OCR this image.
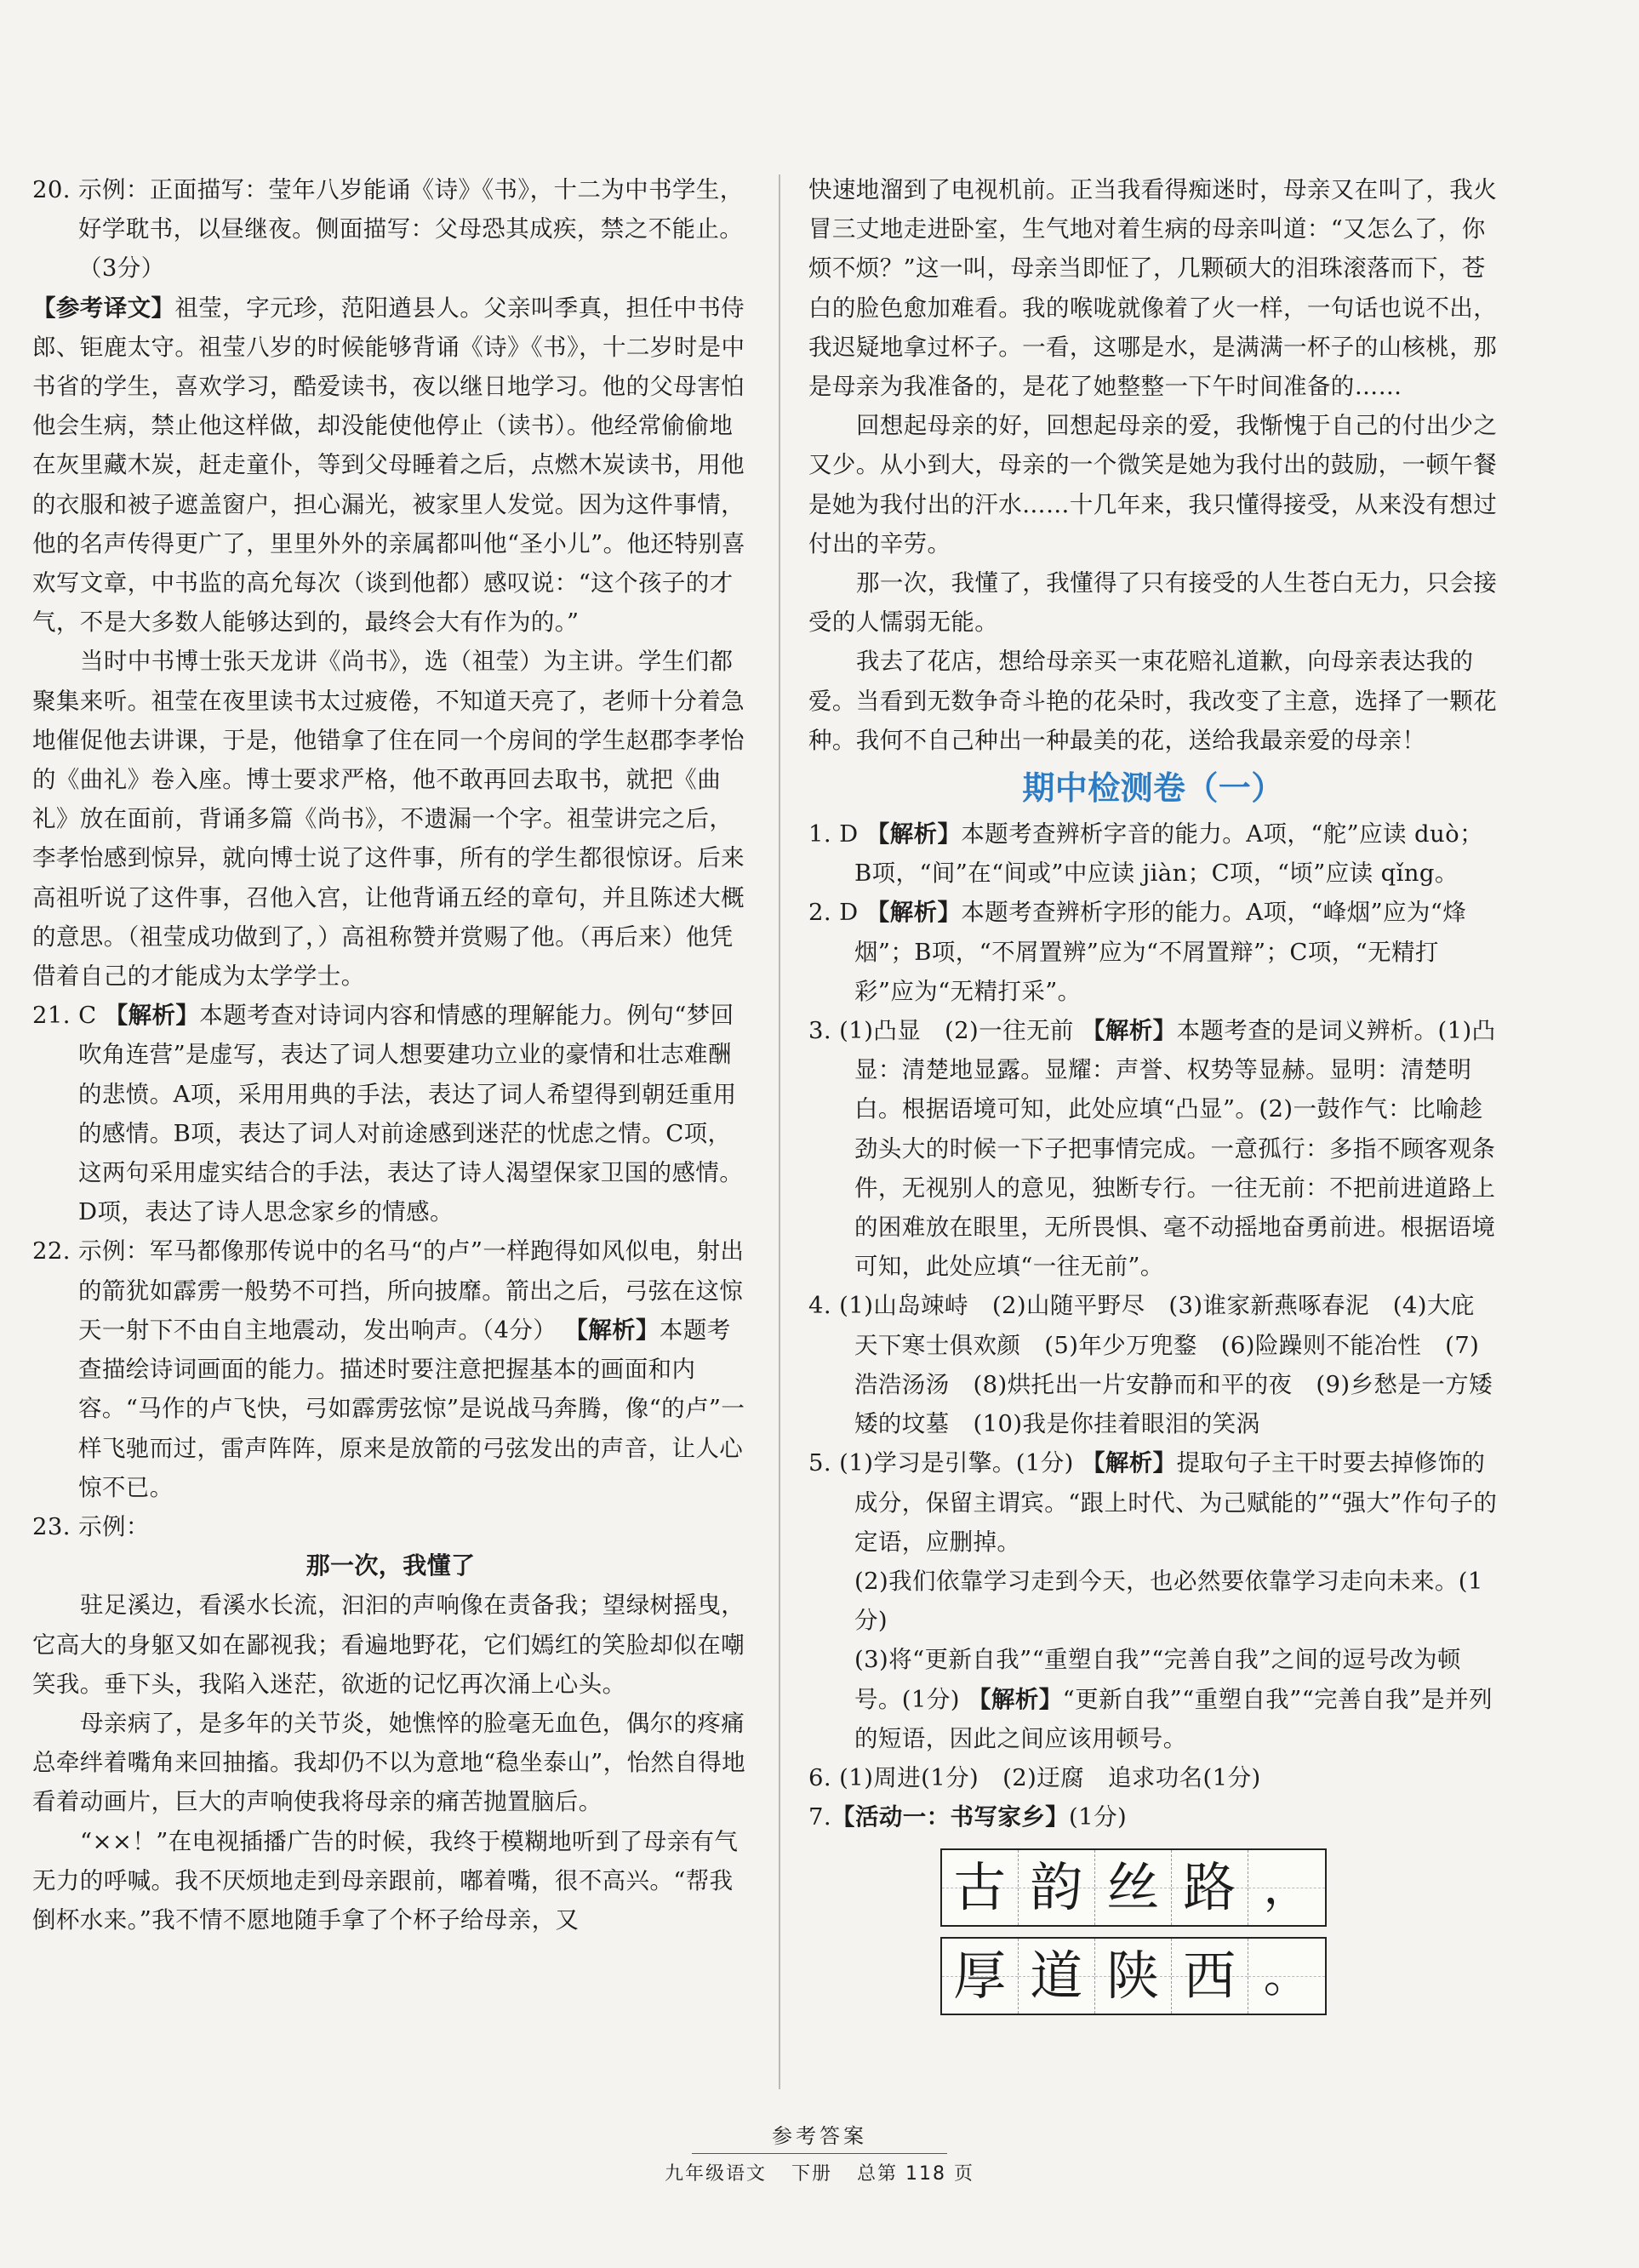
20. 示例：正面描写：莹年八岁能诵《诗》《书》，十二为中书学生，好学耽书，以昼继夜。侧面描写：父母恐其成疾，禁之不能止。（3分）

【参考译文】祖莹，字元珍，范阳遒县人。父亲叫季真，担任中书侍郎、钜鹿太守。祖莹八岁的时候能够背诵《诗》《书》，十二岁时是中书省的学生，喜欢学习，酷爱读书，夜以继日地学习。他的父母害怕他会生病，禁止他这样做，却没能使他停止（读书）。他经常偷偷地在灰里藏木炭，赶走童仆，等到父母睡着之后，点燃木炭读书，用他的衣服和被子遮盖窗户，担心漏光，被家里人发觉。因为这件事情，他的名声传得更广了，里里外外的亲属都叫他“圣小儿”。他还特别喜欢写文章，中书监的高允每次（谈到他都）感叹说：“这个孩子的才气，不是大多数人能够达到的，最终会大有作为的。”

当时中书博士张天龙讲《尚书》，选（祖莹）为主讲。学生们都聚集来听。祖莹在夜里读书太过疲倦，不知道天亮了，老师十分着急地催促他去讲课，于是，他错拿了住在同一个房间的学生赵郡李孝怡的《曲礼》卷入座。博士要求严格，他不敢再回去取书，就把《曲礼》放在面前，背诵多篇《尚书》，不遗漏一个字。祖莹讲完之后，李孝怡感到惊异，就向博士说了这件事，所有的学生都很惊讶。后来高祖听说了这件事，召他入宫，让他背诵五经的章句，并且陈述大概的意思。（祖莹成功做到了，）高祖称赞并赏赐了他。（再后来）他凭借着自己的才能成为太学学士。

21. C 【解析】本题考查对诗词内容和情感的理解能力。例句“梦回吹角连营”是虚写，表达了词人想要建功立业的豪情和壮志难酬的悲愤。A项，采用用典的手法，表达了词人希望得到朝廷重用的感情。B项，表达了词人对前途感到迷茫的忧虑之情。C项，这两句采用虚实结合的手法，表达了诗人渴望保家卫国的感情。D项，表达了诗人思念家乡的情感。

22. 示例：军马都像那传说中的名马“的卢”一样跑得如风似电，射出的箭犹如霹雳一般势不可挡，所向披靡。箭出之后，弓弦在这惊天一射下不由自主地震动，发出响声。（4分） 【解析】本题考查描绘诗词画面的能力。描述时要注意把握基本的画面和内容。“马作的卢飞快，弓如霹雳弦惊”是说战马奔腾，像“的卢”一样飞驰而过，雷声阵阵，原来是放箭的弓弦发出的声音，让人心惊不已。

23. 示例：

那一次，我懂了

驻足溪边，看溪水长流，汩汩的声响像在责备我；望绿树摇曳，它高大的身躯又如在鄙视我；看遍地野花，它们嫣红的笑脸却似在嘲笑我。垂下头，我陷入迷茫，欲逝的记忆再次涌上心头。

母亲病了，是多年的关节炎，她憔悴的脸毫无血色，偶尔的疼痛总牵绊着嘴角来回抽搐。我却仍不以为意地“稳坐泰山”，怡然自得地看着动画片，巨大的声响使我将母亲的痛苦抛置脑后。

“××！”在电视插播广告的时候，我终于模糊地听到了母亲有气无力的呼喊。我不厌烦地走到母亲跟前，嘟着嘴，很不高兴。“帮我倒杯水来。”我不情不愿地随手拿了个杯子给母亲，又

快速地溜到了电视机前。正当我看得痴迷时，母亲又在叫了，我火冒三丈地走进卧室，生气地对着生病的母亲叫道：“又怎么了，你烦不烦？”这一叫，母亲当即怔了，几颗硕大的泪珠滚落而下，苍白的脸色愈加难看。我的喉咙就像着了火一样，一句话也说不出，我迟疑地拿过杯子。一看，这哪是水，是满满一杯子的山核桃，那是母亲为我准备的，是花了她整整一下午时间准备的……

回想起母亲的好，回想起母亲的爱，我惭愧于自己的付出少之又少。从小到大，母亲的一个微笑是她为我付出的鼓励，一顿午餐是她为我付出的汗水……十几年来，我只懂得接受，从来没有想过付出的辛劳。

那一次，我懂了，我懂得了只有接受的人生苍白无力，只会接受的人懦弱无能。

我去了花店，想给母亲买一束花赔礼道歉，向母亲表达我的爱。当看到无数争奇斗艳的花朵时，我改变了主意，选择了一颗花种。我何不自己种出一种最美的花，送给我最亲爱的母亲！

期中检测卷（一）

1. D 【解析】本题考查辨析字音的能力。A项，“舵”应读 duò；B项，“间”在“间或”中应读 jiàn；C项，“顷”应读 qǐng。

2. D 【解析】本题考查辨析字形的能力。A项，“峰烟”应为“烽烟”；B项，“不屑置辨”应为“不屑置辩”；C项，“无精打彩”应为“无精打采”。

3. (1)凸显　(2)一往无前 【解析】本题考查的是词义辨析。(1)凸显：清楚地显露。显耀：声誉、权势等显赫。显明：清楚明白。根据语境可知，此处应填“凸显”。(2)一鼓作气：比喻趁劲头大的时候一下子把事情完成。一意孤行：多指不顾客观条件，无视别人的意见，独断专行。一往无前：不把前进道路上的困难放在眼里，无所畏惧、毫不动摇地奋勇前进。根据语境可知，此处应填“一往无前”。

4. (1)山岛竦峙　(2)山随平野尽　(3)谁家新燕啄春泥　(4)大庇天下寒士俱欢颜　(5)年少万兜鍪　(6)险躁则不能冶性　(7)浩浩汤汤　(8)烘托出一片安静而和平的夜　(9)乡愁是一方矮矮的坟墓　(10)我是你挂着眼泪的笑涡

5. (1)学习是引擎。(1分) 【解析】提取句子主干时要去掉修饰的成分，保留主谓宾。“跟上时代、为己赋能的”“强大”作句子的定语，应删掉。

(2)我们依靠学习走到今天，也必然要依靠学习走向未来。(1分)

(3)将“更新自我”“重塑自我”“完善自我”之间的逗号改为顿号。(1分) 【解析】“更新自我”“重塑自我”“完善自我”是并列的短语，因此之间应该用顿号。

6. (1)周进(1分)　(2)迂腐　追求功名(1分)

7.【活动一：书写家乡】(1分)

古 韵 丝 路 ，
厚 道 陕 西 。
参考答案
九年级语文 下册 总第 118 页
